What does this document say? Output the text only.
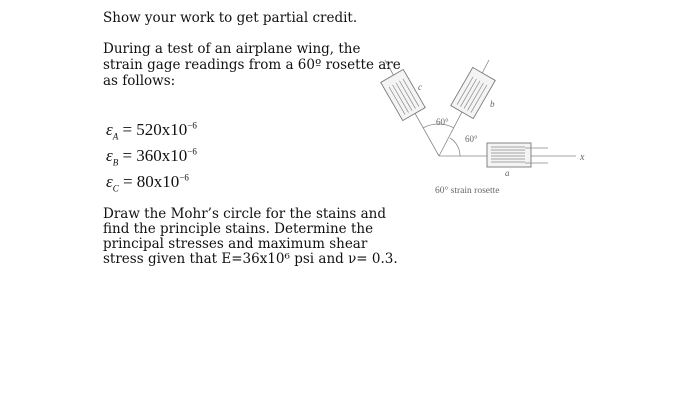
Show your work to get partial credit.
During a test of an airplane wing, the
strain gage readings from a 60º rosette are
as follows:
$\varepsilon_A = 520x10^{-6}$
$\varepsilon_B = 360x10^{-6}$
$\varepsilon_C = 80x10^{-6}$
Draw the Mohr’s circle for the stains and
find the principle stains. Determine the
principal stresses and maximum shear
stress given that E=36x10⁶ psi and ν= 0.3.
60°
60°
a
b
c
x
60° strain rosette
